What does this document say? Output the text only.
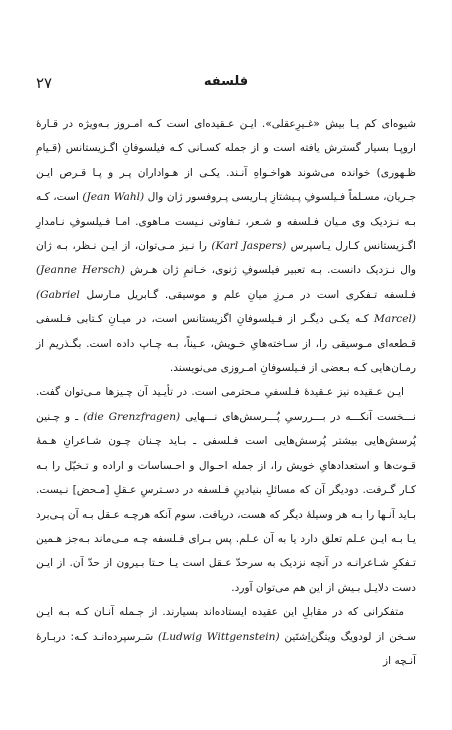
۲۷	فلسفه

شیوه‌ای کم یـا بیش «غـیرِعقلی». ایـن عـقیده‌ای است کـه امـروز بـه‌ویژه در قـارهٔ اروپـا بسیار گسترش یافته است و از جمله کسـانی کـه فیلسوفانِ اگـزیستانس (قـیامِ ظـهوری) خوانده می‌شوند هواخـواهِ آنـند. یکـی از هـواداران پـر و پـا قـرص ایـن جـریان، مسـلماً فـیلسوفِ پـیشتازِ پـاریسی پـروفسور ژان وال (Jean Wahl) است، کـه بـه نـزدیک وی مـیان فـلسفه و شـعر، تـفاوتی نـیست مـاهوی. امـا فـیلسوفِ نـامدارِ اگـزیستانس کـارل یـاسپرس (Karl Jaspers) را نـیز مـی‌توان، از ایـن نـظر، بـه ژان وال نـزدیک دانست. بـه تعبیر فیلسوفِ ژنوی، خـانمِ ژان هـرش (Jeanne Hersch) فـلسفه تـفکری است در مـرزِ میانِ علم و موسیقی. گـابریل مـارسل (Gabriel Marcel) کـه یکـی دیگـر از فـیلسوفانِ اگزیستانس است، در میـانِ کـتابی فـلسفی قـطعه‌ای مـوسیقی را، از سـاخته‌هایِ خـویش، عـیناً، بـه چـاپ داده است. بگـذریم از رمـان‌هایی کـه بـعضی از فـیلسوفانِ امـروزی می‌نویسند.

ایـن عـقیده نیز عـقیدهٔ فـلسفیِ مـحترمی است. در تأیـید آن چـیزها مـی‌توان گفت. نـــخست آنکـــه در بـــررسیِ پُـــرسش‌های نـــهایی (die Grenzfragen) ـ و چـنین پُرسش‌هایی بیشتر پُرسش‌هایی است فـلسفی ـ بـاید چـنان چـون شـاعرانِ هـمهٔ قـوت‌ها و استعدادهایِ خویش را، از جمله احـوال و احـساسات و اراده و تـخیّل را بـه کـار گـرفت. دودیگر آن که مسائلِ بنیادینِ فـلسفه در دسـترسِ عـقلِ [مـحض] نـیست. بـاید آنـها را بـه هر وسیلهٔ دیگر که هست، دریافت. سوم آنکه هرچـه عـقل بـه آن پـی‌برد یـا بـه ایـن عـلم تعلق دارد یا به آن عـلم. پس بـرای فـلسفه چـه مـی‌ماند بـه‌جز هـمین تـفکرِ شـاعرانـه در آنچه نزدیک به سرحدّ عـقل است یـا حـتا بـیرون از حدّ آن. از ایـن دست دلایـل بـیش از این هم می‌توان آورد.

متفکرانی که در مقابلِ این عقیده ایستاده‌اند بسیارند. از جـمله آنـان کـه بـه ایـن سـخن از لودویگ ویتگن‌اِشتَین (Ludwig Wittgenstein) سَـرسپرده‌انـد کـه: دربـارهٔ آنـچه از
